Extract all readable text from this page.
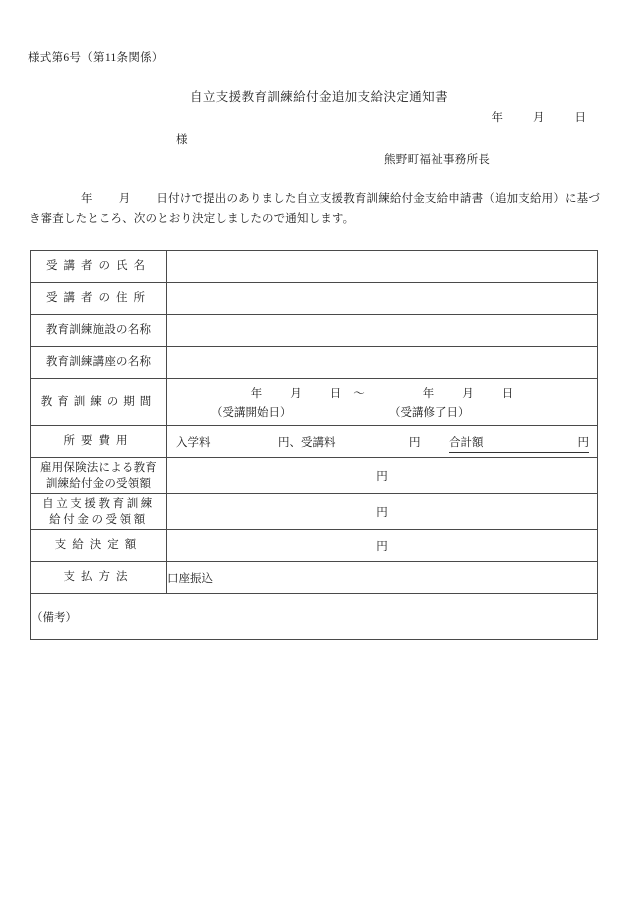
様式第6号（第11条関係）
自立支援教育訓練給付金追加支給決定通知書
年	月	日
様
熊野町福祉事務所長
年 月 日付けで提出のありました自立支援教育訓練給付金支給申請書（追加支給用）に基づき審査したところ、次のとおり決定しましたので通知します。
受講者の氏名	
受講者の住所	
教育訓練施設の名称	
教育訓練講座の名称	
教育訓練の期間	年 月 日 ～ 年 月 日
（受講開始日） （受講修了日）

所要費用	入学料 円、受講料 円 合計額 円

雇用保険法による教育
訓練給付金の受領額	円

自立支援教育訓練
給付金の受領額	円
支給決定額	円
支払方法	口座振込
（備考）	
